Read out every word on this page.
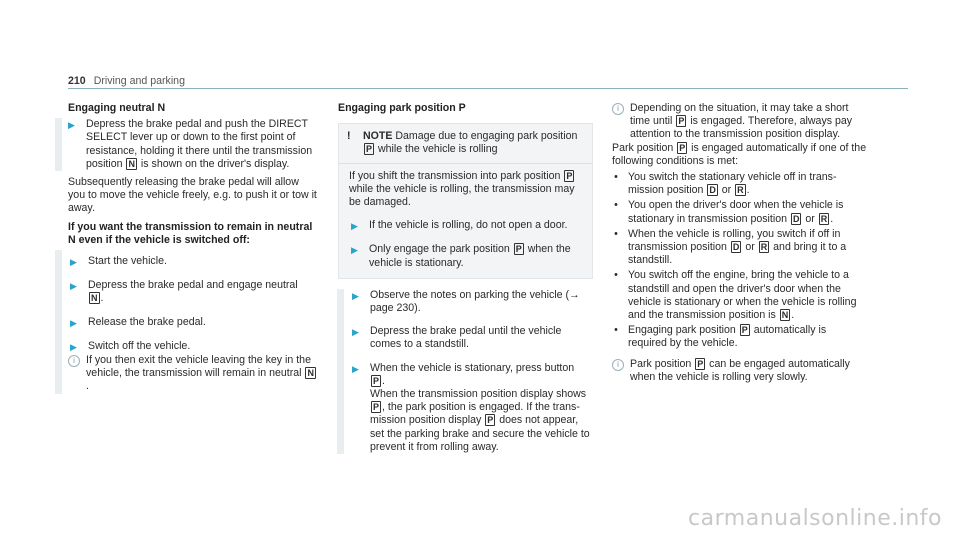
210 Driving and parking
Engaging neutral N
▶ Depress the brake pedal and push the DIRECT SELECT lever up or down to the first point of resistance, holding it there until the transmission position N is shown on the driver's display.

Subsequently releasing the brake pedal will allow you to move the vehicle freely, e.g. to push it or tow it away.

If you want the transmission to remain in neutral N even if the vehicle is switched off:
▶ Start the vehicle.
▶ Depress the brake pedal and engage neutral
N .
▶ Release the brake pedal.
▶ Switch off the vehicle.
i	If you then exit the vehicle leaving the key in the vehicle, the transmission will remain in neutral N.
Engaging park position P
!	NOTE Damage due to engaging park position P while the vehicle is rolling

If you shift the transmission into park position P while the vehicle is rolling, the transmission may be damaged.

▶ If the vehicle is rolling, do not open a door.
▶ Only engage the park position P when the vehicle is stationary.
▶ Observe the notes on parking the vehicle (→ page 230).
▶ Depress the brake pedal until the vehicle comes to a standstill.
▶ When the vehicle is stationary, press button
P .
When the transmission position display shows
P , the park position is engaged. If the transmission position display P does not appear, set the parking brake and secure the vehicle to prevent it from rolling away.
i	Depending on the situation, it may take a short time until P is engaged. Therefore, always pay attention to the transmission position display.

Park position P is engaged automatically if one of the following conditions is met:

• You switch the stationary vehicle off in transmission position D or R .
• You open the driver's door when the vehicle is stationary in transmission position D or R .
• When the vehicle is rolling, you switch if off in transmission position D or R and bring it to a standstill.
• You switch off the engine, bring the vehicle to a standstill and open the driver's door when the vehicle is stationary or when the vehicle is rolling and the transmission position is N .
• Engaging park position P automatically is required by the vehicle.
i	Park position P can be engaged automatically when the vehicle is rolling very slowly.
carmanualsonline.info
